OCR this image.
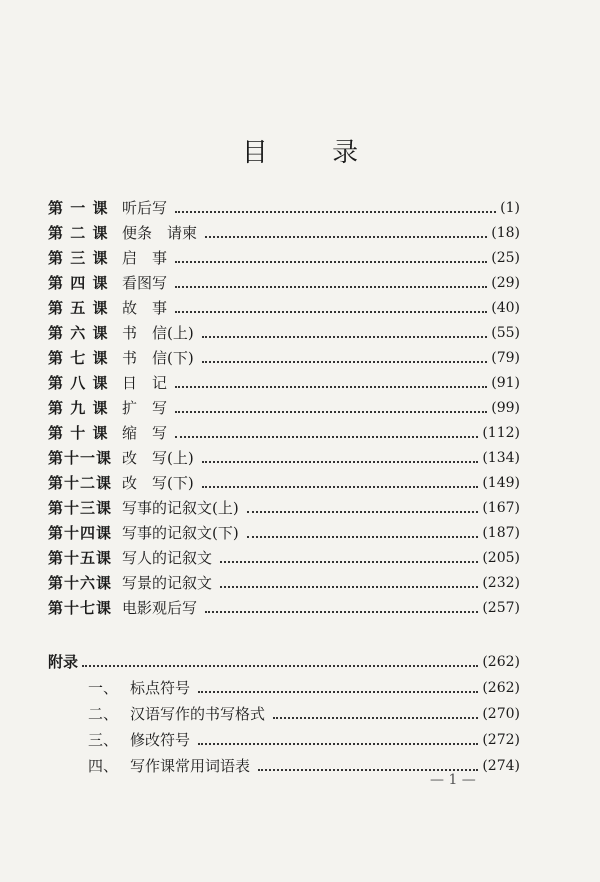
目 录
第 一 课 听后写	(1)
第 二 课 便条　请柬	(18)
第 三 课 启　事	(25)
第 四 课 看图写	(29)
第 五 课 故　事	(40)
第 六 课 书　信(上)	(55)
第 七 课 书　信(下)	(79)
第 八 课 日　记	(91)
第 九 课 扩　写	(99)
第 十 课 缩　写	(112)
第十一课 改　写(上)	(134)
第十二课 改　写(下)	(149)
第十三课 写事的记叙文(上)	(167)
第十四课 写事的记叙文(下)	(187)
第十五课 写人的记叙文	(205)
第十六课 写景的记叙文	(232)
第十七课 电影观后写	(257)
附录	(262)
一、 标点符号	(262)
二、 汉语写作的书写格式	(270)
三、 修改符号	(272)
四、 写作课常用词语表	(274)
— 1 —
